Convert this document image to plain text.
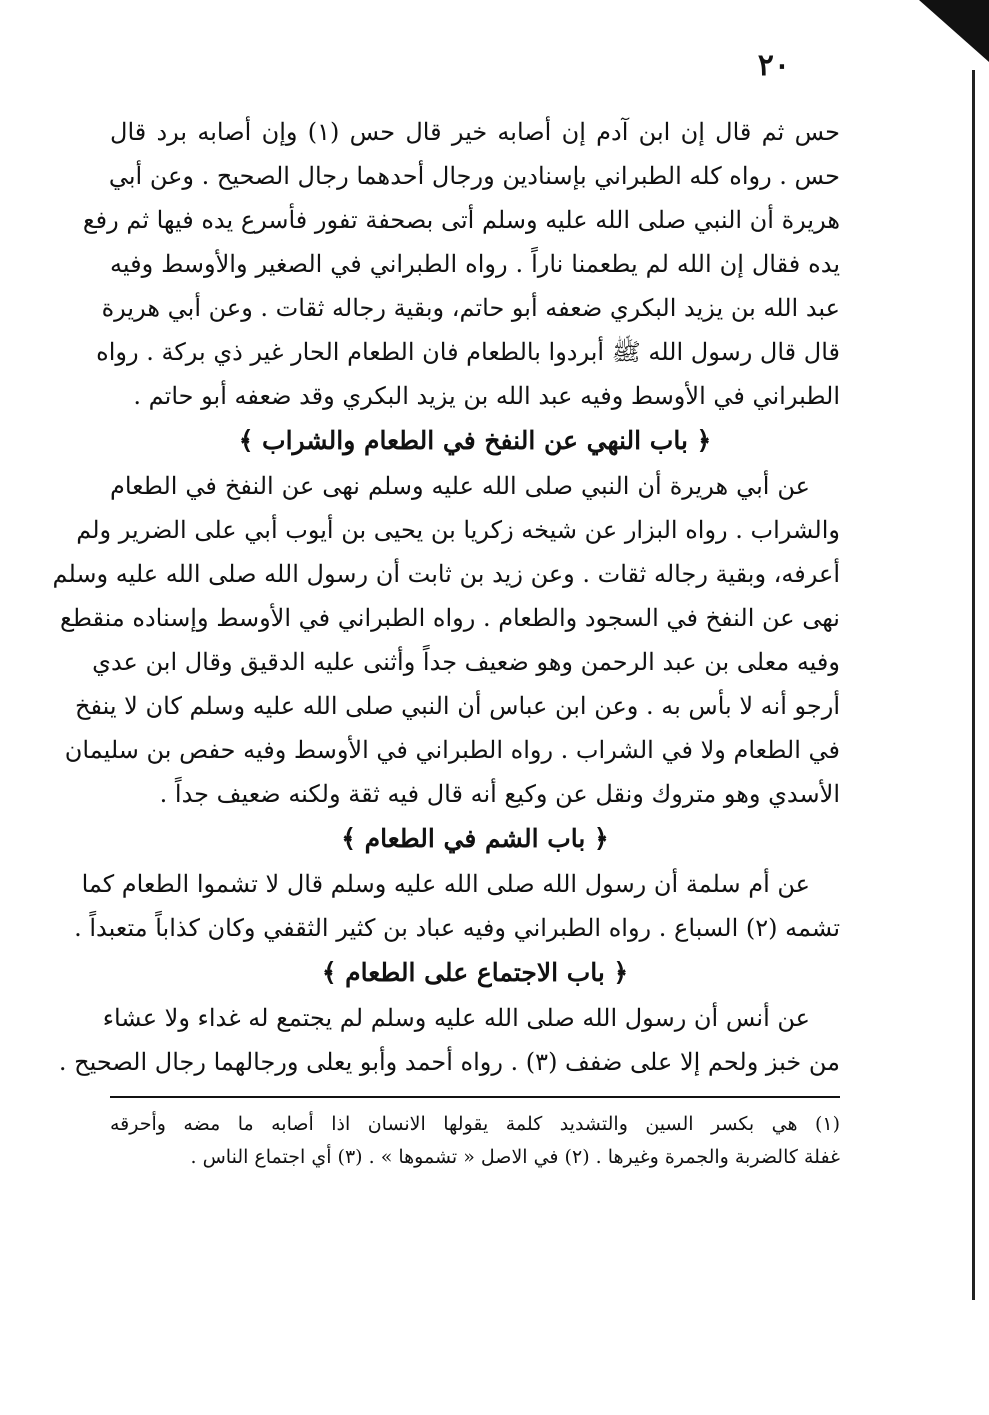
٢٠
حس ثم قال إن ابن آدم إن أصابه خير قال حس (١) وإن أصابه برد قال
حس . رواه كله الطبراني بإسنادين ورجال أحدهما رجال الصحيح . وعن أبي
هريرة أن النبي صلى الله عليه وسلم أتى بصحفة تفور فأسرع يده فيها ثم رفع
يده فقال إن الله لم يطعمنا ناراً . رواه الطبراني في الصغير والأوسط وفيه
عبد الله بن يزيد البكري ضعفه أبو حاتم، وبقية رجاله ثقات . وعن أبي هريرة
قال قال رسول الله ﷺ أبردوا بالطعام فان الطعام الحار غير ذي بركة . رواه
الطبراني في الأوسط وفيه عبد الله بن يزيد البكري وقد ضعفه أبو حاتم .
﴿ باب النهي عن النفخ في الطعام والشراب ﴾
عن أبي هريرة أن النبي صلى الله عليه وسلم نهى عن النفخ في الطعام
والشراب . رواه البزار عن شيخه زكريا بن يحيى بن أيوب أبي على الضرير ولم
أعرفه، وبقية رجاله ثقات . وعن زيد بن ثابت أن رسول الله صلى الله عليه وسلم
نهى عن النفخ في السجود والطعام . رواه الطبراني في الأوسط وإسناده منقطع
وفيه معلى بن عبد الرحمن وهو ضعيف جداً وأثنى عليه الدقيق وقال ابن عدي
أرجو أنه لا بأس به . وعن ابن عباس أن النبي صلى الله عليه وسلم كان لا ينفخ
في الطعام ولا في الشراب . رواه الطبراني في الأوسط وفيه حفص بن سليمان
الأسدي وهو متروك ونقل عن وكيع أنه قال فيه ثقة ولكنه ضعيف جداً .
﴿ باب الشم في الطعام ﴾
عن أم سلمة أن رسول الله صلى الله عليه وسلم قال لا تشموا الطعام كما
تشمه (٢) السباع . رواه الطبراني وفيه عباد بن كثير الثقفي وكان كذاباً متعبداً .
﴿ باب الاجتماع على الطعام ﴾
عن أنس أن رسول الله صلى الله عليه وسلم لم يجتمع له غداء ولا عشاء
من خبز ولحم إلا على ضفف (٣) . رواه أحمد وأبو يعلى ورجالهما رجال الصحيح .
(١) هي بكسر السين والتشديد كلمة يقولها الانسان اذا أصابه ما مضه وأحرقه
غفلة كالضربة والجمرة وغيرها . (٢) في الاصل « تشموها » . (٣) أي اجتماع الناس .
